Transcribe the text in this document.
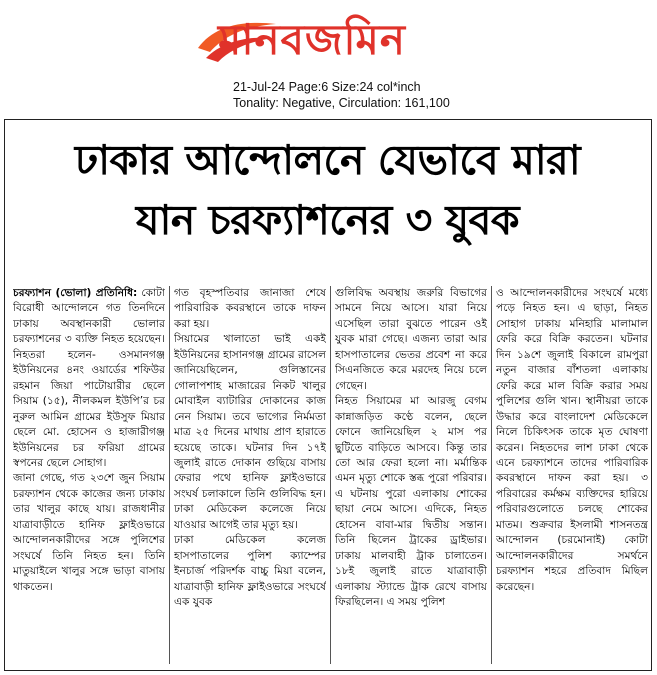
মানবজমিন
21-Jul-24 Page:6 Size:24 col*inch
Tonality: Negative, Circulation: 161,100
ঢাকার আন্দোলনে যেভাবে মারা
যান চরফ্যাশনের ৩ যুবক

চরফ্যাশন (ভোলা) প্রতিনিধি: কোটা বিরোধী আন্দোলনে গত তিনদিনে ঢাকায় অবস্থানকারী ভোলার চরফ্যাশনের ৩ ব্যক্তি নিহত হয়েছেন। নিহতরা হলেন- ওসমানগঞ্জ ইউনিয়নের ৪নং ওয়ার্ডের শফিউর রহমান জিয়া পাটোয়ারীর ছেলে সিয়াম (১৫), নীলকমল ইউপি’র চর নুরুল আমিন গ্রামের ইউসুফ মিয়ার ছেলে মো. হোসেন ও হাজারীগঞ্জ ইউনিয়নের চর ফরিয়া গ্রামের স্বপনের ছেলে সোহাগ।

জানা গেছে, গত ২৩শে জুন সিয়াম চরফ্যাশন থেকে কাজের জন্য ঢাকায় তার খালুর কাছে যায়। রাজধানীর যাত্রাবাড়ীতে হানিফ ফ্লাইওভারে আন্দোলনকারীদের সঙ্গে পুলিশের সংঘর্ষে তিনি নিহত হন। তিনি মাতুয়াইলে খালুর সঙ্গে ভাড়া বাসায় থাকতেন।

গত বৃহস্পতিবার জানাজা শেষে পারিবারিক কবরস্থানে তাকে দাফন করা হয়।

সিয়ামের খালাতো ভাই একই ইউনিয়নের হাসানগঞ্জ গ্রামের রাসেল জানিয়েছিলেন, গুলিস্তানের গোলাপশাহ মাজারের নিকট খালুর মোবাইল ব্যাটারির দোকানের কাজ নেন সিয়াম। তবে ভাগ্যের নির্মমতা মাত্র ২৫ দিনের মাথায় প্রাণ হারাতে হয়েছে তাকে। ঘটনার দিন ১৭ই জুলাই রাতে দোকান গুছিয়ে বাসায় ফেরার পথে হানিফ ফ্লাইওভারে সংঘর্ষ চলাকালে তিনি গুলিবিদ্ধ হন। ঢাকা মেডিকেল কলেজে নিয়ে যাওয়ার আগেই তার মৃত্যু হয়।

ঢাকা মেডিকেল কলেজ হাসপাতালের পুলিশ ক্যাম্পের ইনচার্জ পরিদর্শক বাচ্চু মিয়া বলেন, যাত্রাবাড়ী হানিফ ফ্লাইওভারে সংঘর্ষে এক যুবক

গুলিবিদ্ধ অবস্থায় জরুরি বিভাগের সামনে নিয়ে আসে। যারা নিয়ে এসেছিল তারা বুঝতে পারেন ওই যুবক মারা গেছে। এজন্য তারা আর হাসপাতালের ভেতর প্রবেশ না করে সিএনজিতে করে মরদেহ নিয়ে চলে গেছেন।

নিহত সিয়ামের মা আরজু বেগম কান্নাজড়িত কণ্ঠে বলেন, ছেলে ফোনে জানিয়েছিল ২ মাস পর ছুটিতে বাড়িতে আসবে। কিন্তু তার তো আর ফেরা হলো না। মর্মান্তিক এমন মৃত্যু শোকে স্তব্ধ পুরো পরিবার। এ ঘটনায় পুরো এলাকায় শোকের ছায়া নেমে আসে। এদিকে, নিহত হোসেন বাবা-মার দ্বিতীয় সন্তান। তিনি ছিলেন ট্রাকের ড্রাইভার। ঢাকায় মালবাহী ট্রাক চালাতেন। ১৮ই জুলাই রাতে যাত্রাবাড়ী এলাকায় স্ট্যান্ডে ট্রাক রেখে বাসায় ফিরছিলেন। এ সময় পুলিশ

ও আন্দোলনকারীদের সংঘর্ষে মধ্যে পড়ে নিহত হন। এ ছাড়া, নিহত সোহাগ ঢাকায় মনিহারি মালামাল ফেরি করে বিক্রি করতেন। ঘটনার দিন ১৯শে জুলাই বিকালে রামপুরা নতুন বাজার বাঁশতলা এলাকায় ফেরি করে মাল বিক্রি করার সময় পুলিশের গুলি খান। স্থানীয়রা তাকে উদ্ধার করে বাংলাদেশ মেডিকেলে নিলে চিকিৎসক তাকে মৃত ঘোষণা করেন। নিহতদের লাশ ঢাকা থেকে এনে চরফ্যাশনে তাদের পারিবারিক কবরস্থানে দাফন করা হয়। ৩ পরিবারের কর্মক্ষম ব্যক্তিদের হারিয়ে পরিবারগুলোতে চলছে শোকের মাতম। শুক্রবার ইসলামী শাসনতন্ত্র আন্দোলন (চরমোনাই) কোটা আন্দোলনকারীদের সমর্থনে চরফ্যাশন শহরে প্রতিবাদ মিছিল করেছেন।
